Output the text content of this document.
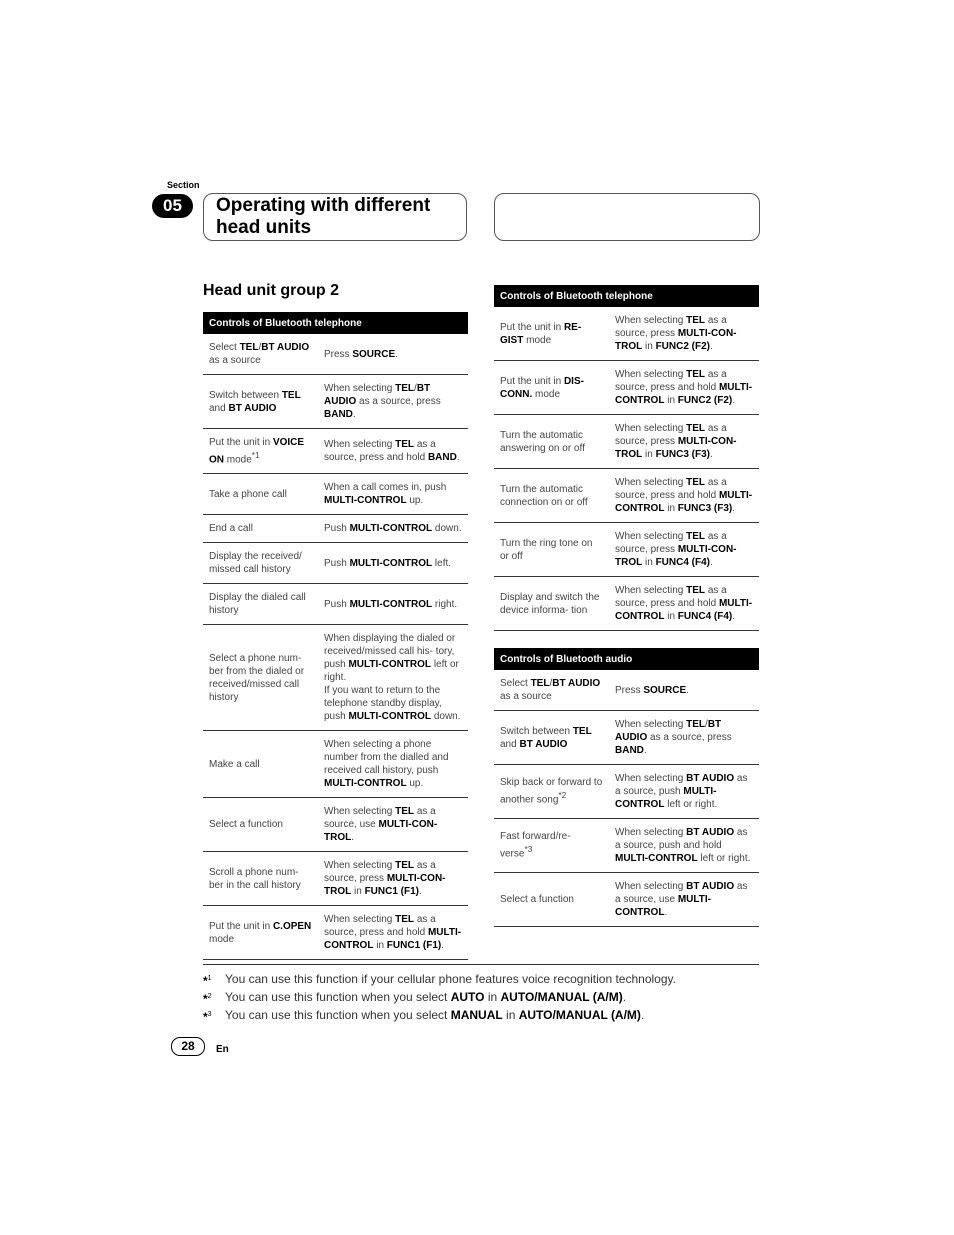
Section
05	Operating with different head units
Head unit group 2
Controls of Bluetooth telephone	
Select TEL/BT AUDIO as a source	Press SOURCE.
Switch between TEL and BT AUDIO	When selecting TEL/BT AUDIO as a source, press BAND.
Put the unit in VOICE ON mode$^{*1}$	When selecting TEL as a source, press and hold BAND.
Take a phone call	When a call comes in, push MULTI-CONTROL up.
End a call	Push MULTI-CONTROL down.
Display the received/ missed call history	Push MULTI-CONTROL left.
Display the dialed call history	Push MULTI-CONTROL right.
Select a phone num- ber from the dialed or received/missed call history	When displaying the dialed or received/missed call his- tory, push MULTI-CONTROL left or right.
If you want to return to the telephone standby display, push MULTI-CONTROL down.
Make a call	When selecting a phone number from the dialled and received call history, push MULTI-CONTROL up.
Select a function	When selecting TEL as a source, use MULTI-CON- TROL.
Scroll a phone num- ber in the call history	When selecting TEL as a source, press MULTI-CON- TROL in FUNC1 (F1).
Put the unit in C.OPEN mode	When selecting TEL as a source, press and hold MULTI-CONTROL in FUNC1 (F1).
Controls of Bluetooth telephone	
Put the unit in RE- GIST mode	When selecting TEL as a source, press MULTI-CON- TROL in FUNC2 (F2).
Put the unit in DIS- CONN. mode	When selecting TEL as a source, press and hold MULTI-CONTROL in FUNC2 (F2).
Turn the automatic answering on or off	When selecting TEL as a source, press MULTI-CON- TROL in FUNC3 (F3).
Turn the automatic connection on or off	When selecting TEL as a source, press and hold MULTI-CONTROL in FUNC3 (F3).
Turn the ring tone on or off	When selecting TEL as a source, press MULTI-CON- TROL in FUNC4 (F4).
Display and switch the device informa- tion	When selecting TEL as a source, press and hold MULTI-CONTROL in FUNC4 (F4).
Controls of Bluetooth audio	
Select TEL/BT AUDIO as a source	Press SOURCE.
Switch between TEL and BT AUDIO	When selecting TEL/BT AUDIO as a source, press BAND.
Skip back or forward to another song$^{*2}$	When selecting BT AUDIO as a source, push MULTI- CONTROL left or right.
Fast forward/re- verse$^{*3}$	When selecting BT AUDIO as a source, push and hold MULTI-CONTROL left or right.
Select a function	When selecting BT AUDIO as a source, use MULTI- CONTROL.
*$^1$	You can use this function if your cellular phone features voice recognition technology.
*$^2$	You can use this function when you select AUTO in AUTO/MANUAL (A/M).
*$^3$	You can use this function when you select MANUAL in AUTO/MANUAL (A/M).
28	En
